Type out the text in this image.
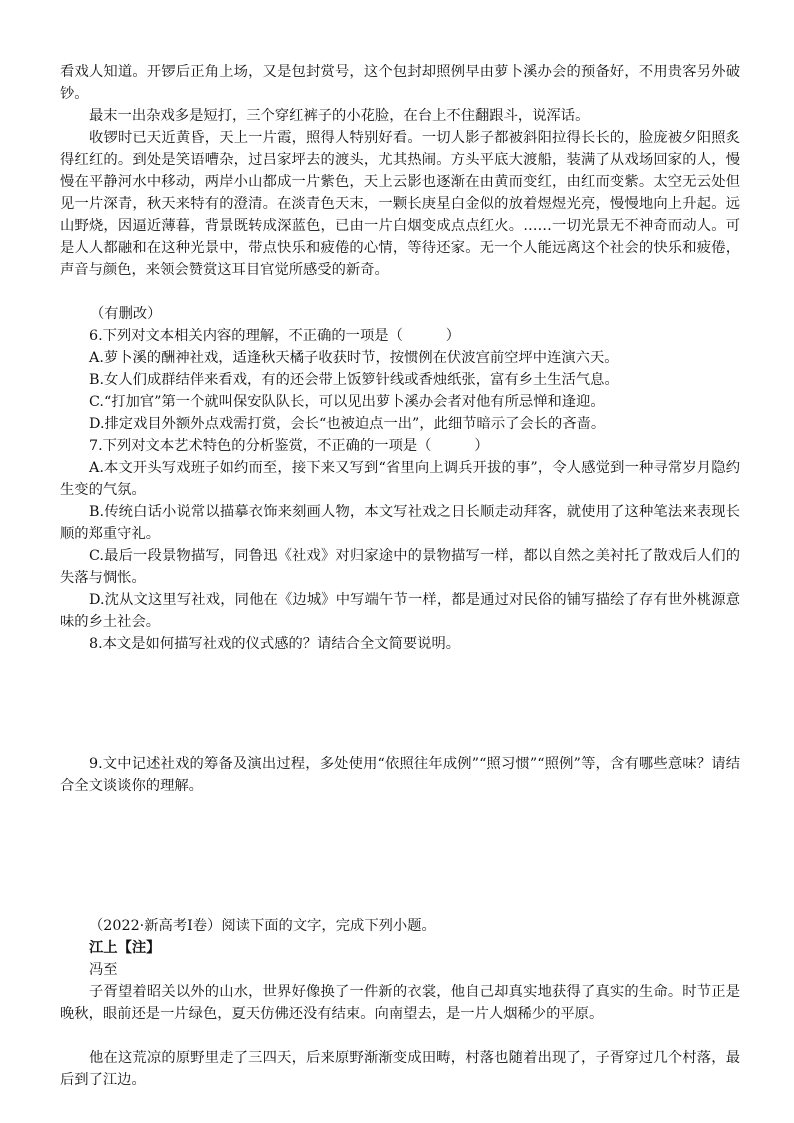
看戏人知道。开锣后正角上场，又是包封赏号，这个包封却照例早由萝卜溪办会的预备好，不用贵客另外破钞。

最末一出杂戏多是短打，三个穿红裤子的小花脸，在台上不住翻跟斗，说浑话。

收锣时已天近黄昏，天上一片霞，照得人特别好看。一切人影子都被斜阳拉得长长的，脸庞被夕阳照炙得红红的。到处是笑语嘈杂，过吕家坪去的渡头，尤其热闹。方头平底大渡船，装满了从戏场回家的人，慢慢在平静河水中移动，两岸小山都成一片紫色，天上云影也逐渐在由黄而变红，由红而变紫。太空无云处但见一片深青，秋天来特有的澄清。在淡青色天末，一颗长庚星白金似的放着煜煜光亮，慢慢地向上升起。远山野烧，因逼近薄暮，背景既转成深蓝色，已由一片白烟变成点点红火。……一切光景无不神奇而动人。可是人人都融和在这种光景中，带点快乐和疲倦的心情，等待还家。无一个人能远离这个社会的快乐和疲倦，声音与颜色，来领会赞赏这耳目官觉所感受的新奇。

（有删改）

6.下列对文本相关内容的理解，不正确的一项是（　　　）

A.萝卜溪的酬神社戏，适逢秋天橘子收获时节，按惯例在伏波宫前空坪中连演六天。

B.女人们成群结伴来看戏，有的还会带上饭箩针线或香烛纸张，富有乡土生活气息。

C.“打加官”第一个就叫保安队队长，可以见出萝卜溪办会者对他有所忌惮和逢迎。

D.排定戏目外额外点戏需打赏，会长“也被迫点一出”，此细节暗示了会长的吝啬。

7.下列对文本艺术特色的分析鉴赏，不正确的一项是（　　　）

A.本文开头写戏班子如约而至，接下来又写到“省里向上调兵开拔的事”，令人感觉到一种寻常岁月隐约生变的气氛。

B.传统白话小说常以描摹衣饰来刻画人物，本文写社戏之日长顺走动拜客，就使用了这种笔法来表现长顺的郑重守礼。

C.最后一段景物描写，同鲁迅《社戏》对归家途中的景物描写一样，都以自然之美衬托了散戏后人们的失落与惆怅。

D.沈从文这里写社戏，同他在《边城》中写端午节一样，都是通过对民俗的铺写描绘了存有世外桃源意味的乡土社会。

8.本文是如何描写社戏的仪式感的？请结合全文简要说明。

9.文中记述社戏的筹备及演出过程，多处使用“依照往年成例”“照习惯”“照例”等，含有哪些意味？请结合全文谈谈你的理解。

（2022·新高考Ⅰ卷）阅读下面的文字，完成下列小题。

江上【注】

冯至

子胥望着昭关以外的山水，世界好像换了一件新的衣裳，他自己却真实地获得了真实的生命。时节正是晚秋，眼前还是一片绿色，夏天仿佛还没有结束。向南望去，是一片人烟稀少的平原。

他在这荒凉的原野里走了三四天，后来原野渐渐变成田畴，村落也随着出现了，子胥穿过几个村落，最后到了江边。
